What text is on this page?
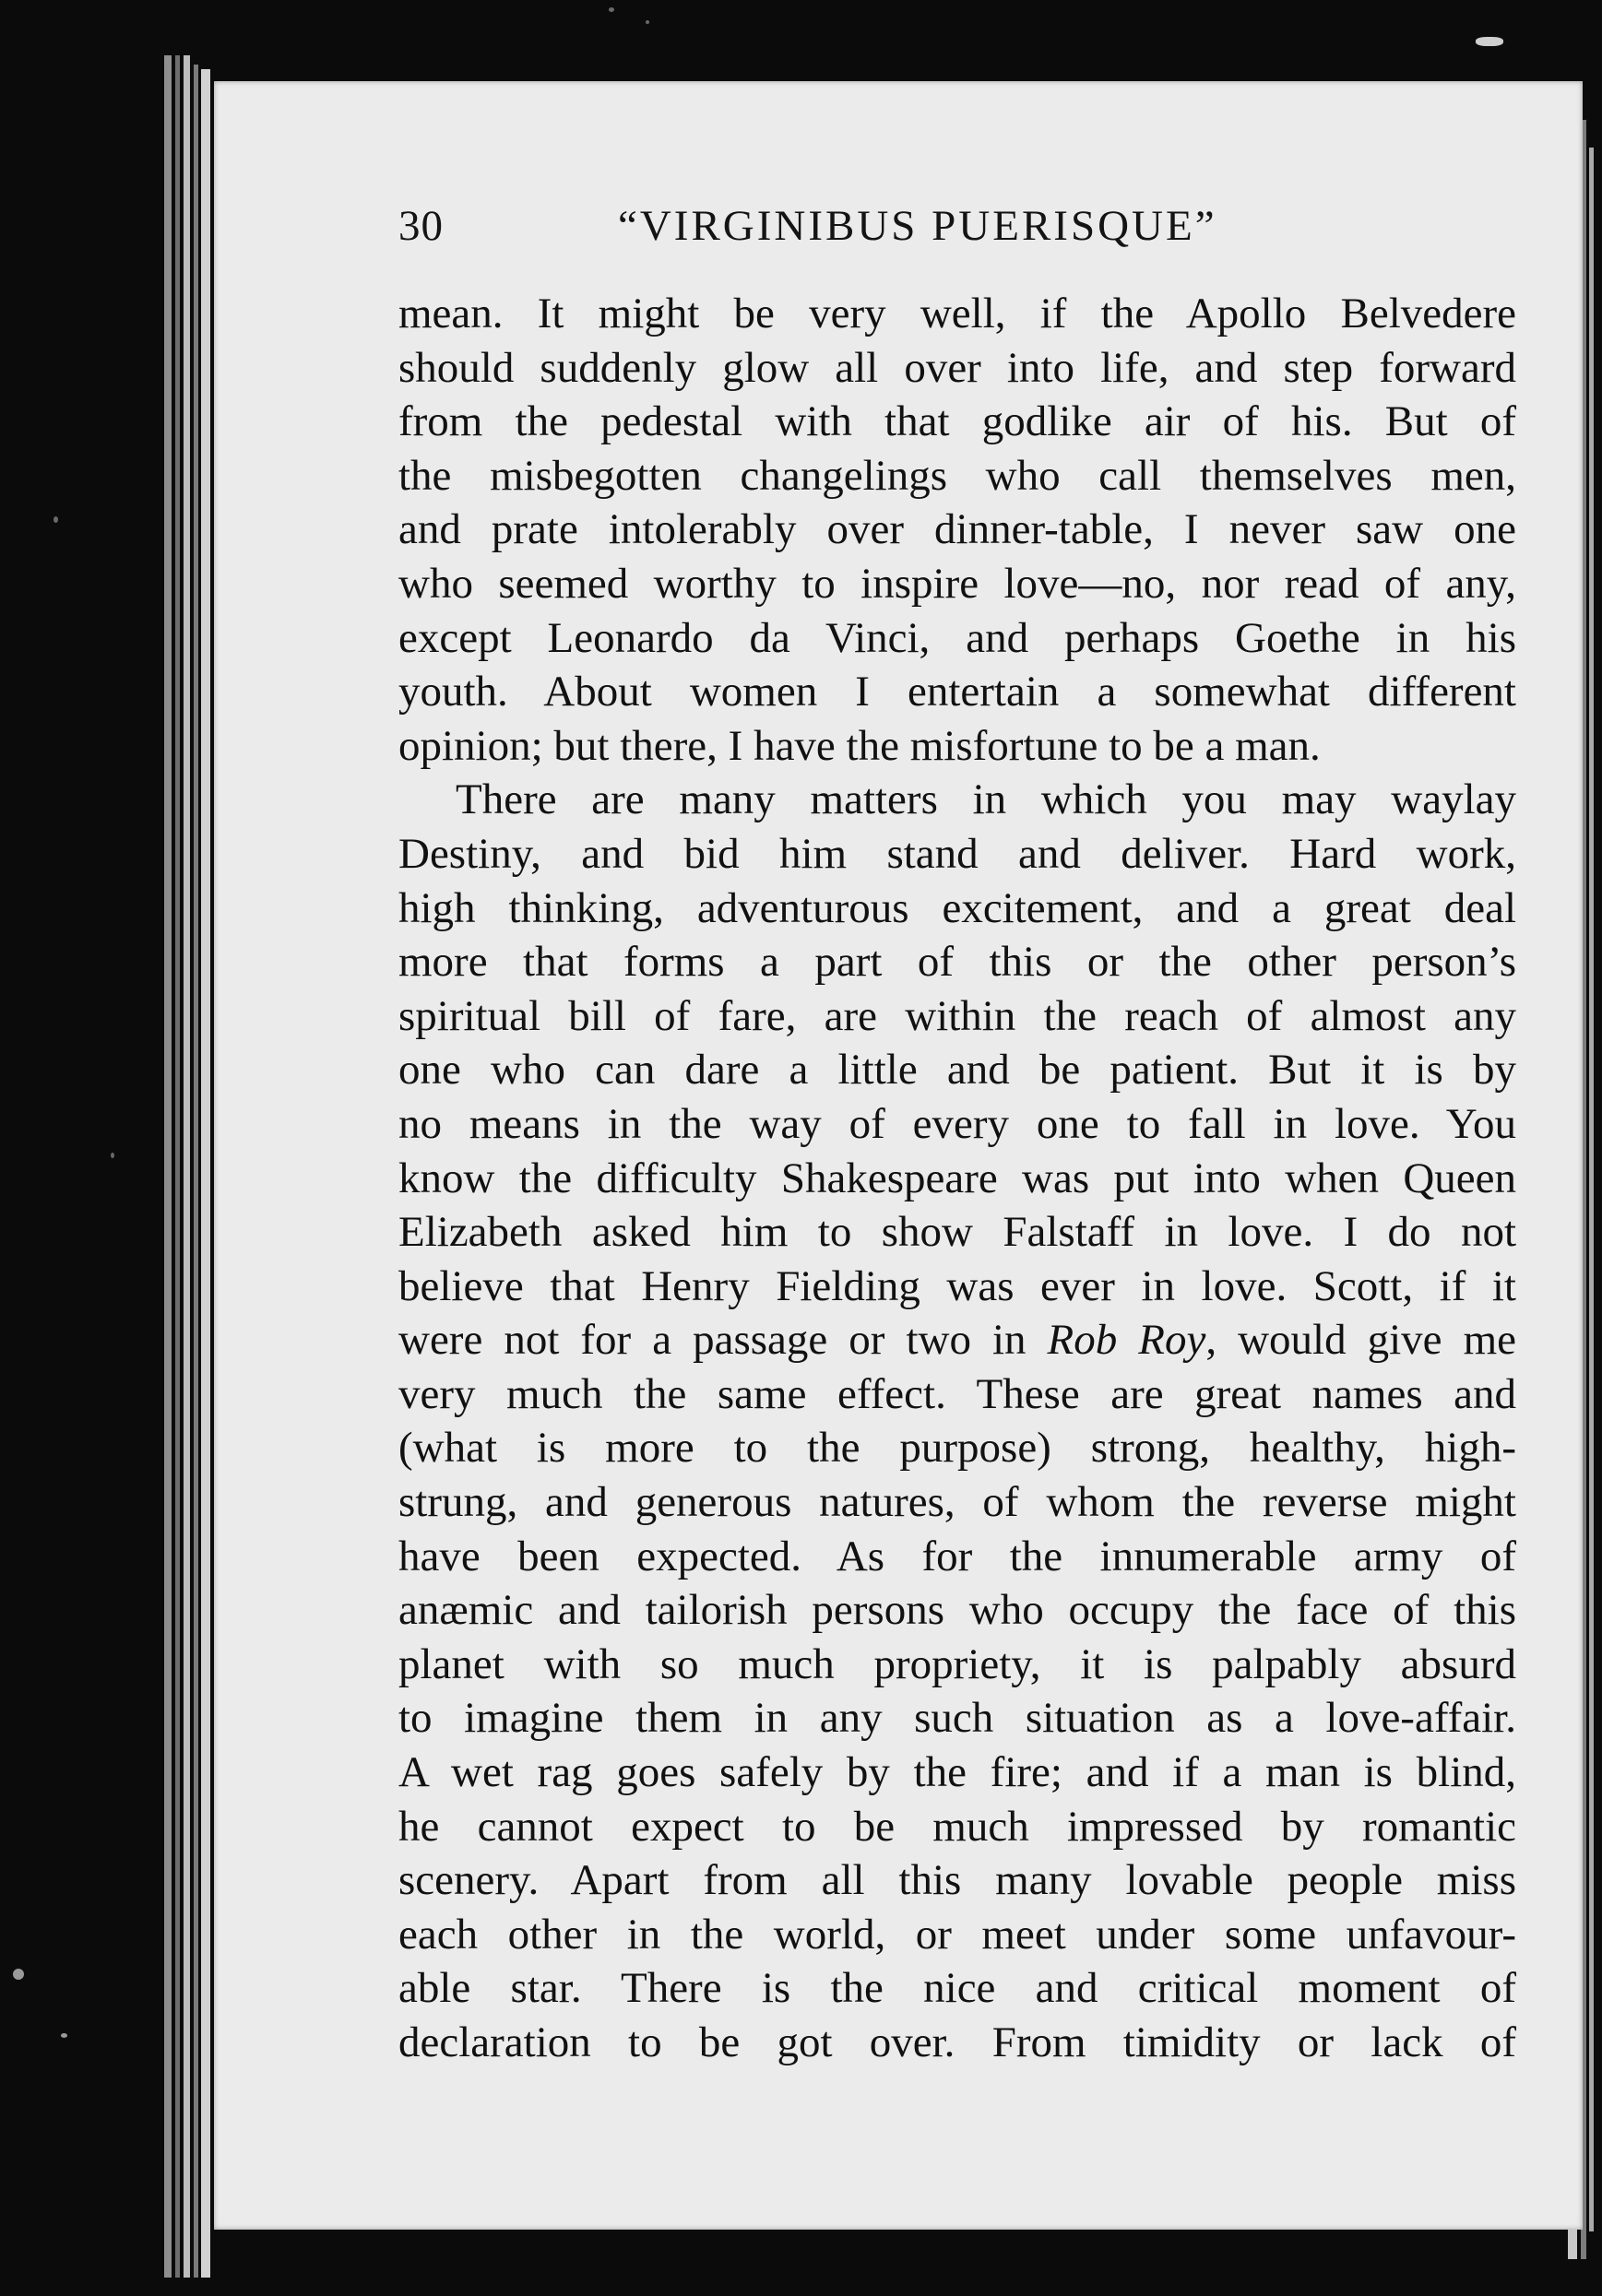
30	“VIRGINIBUS PUERISQUE”
mean. It might be very well, if the Apollo Belvedere
should suddenly glow all over into life, and step forward
from the pedestal with that godlike air of his. But of
the misbegotten changelings who call themselves men,
and prate intolerably over dinner-table, I never saw one
who seemed worthy to inspire love—no, nor read of any,
except Leonardo da Vinci, and perhaps Goethe in his
youth. About women I entertain a somewhat different
opinion; but there, I have the misfortune to be a man.
There are many matters in which you may waylay
Destiny, and bid him stand and deliver. Hard work,
high thinking, adventurous excitement, and a great deal
more that forms a part of this or the other person’s
spiritual bill of fare, are within the reach of almost any
one who can dare a little and be patient. But it is by
no means in the way of every one to fall in love. You
know the difficulty Shakespeare was put into when Queen
Elizabeth asked him to show Falstaff in love. I do not
believe that Henry Fielding was ever in love. Scott, if it
were not for a passage or two in Rob Roy, would give me
very much the same effect. These are great names and
(what is more to the purpose) strong, healthy, high-
strung, and generous natures, of whom the reverse might
have been expected. As for the innumerable army of
anæmic and tailorish persons who occupy the face of this
planet with so much propriety, it is palpably absurd
to imagine them in any such situation as a love-affair.
A wet rag goes safely by the fire; and if a man is blind,
he cannot expect to be much impressed by romantic
scenery. Apart from all this many lovable people miss
each other in the world, or meet under some unfavour-
able star. There is the nice and critical moment of
declaration to be got over. From timidity or lack of
